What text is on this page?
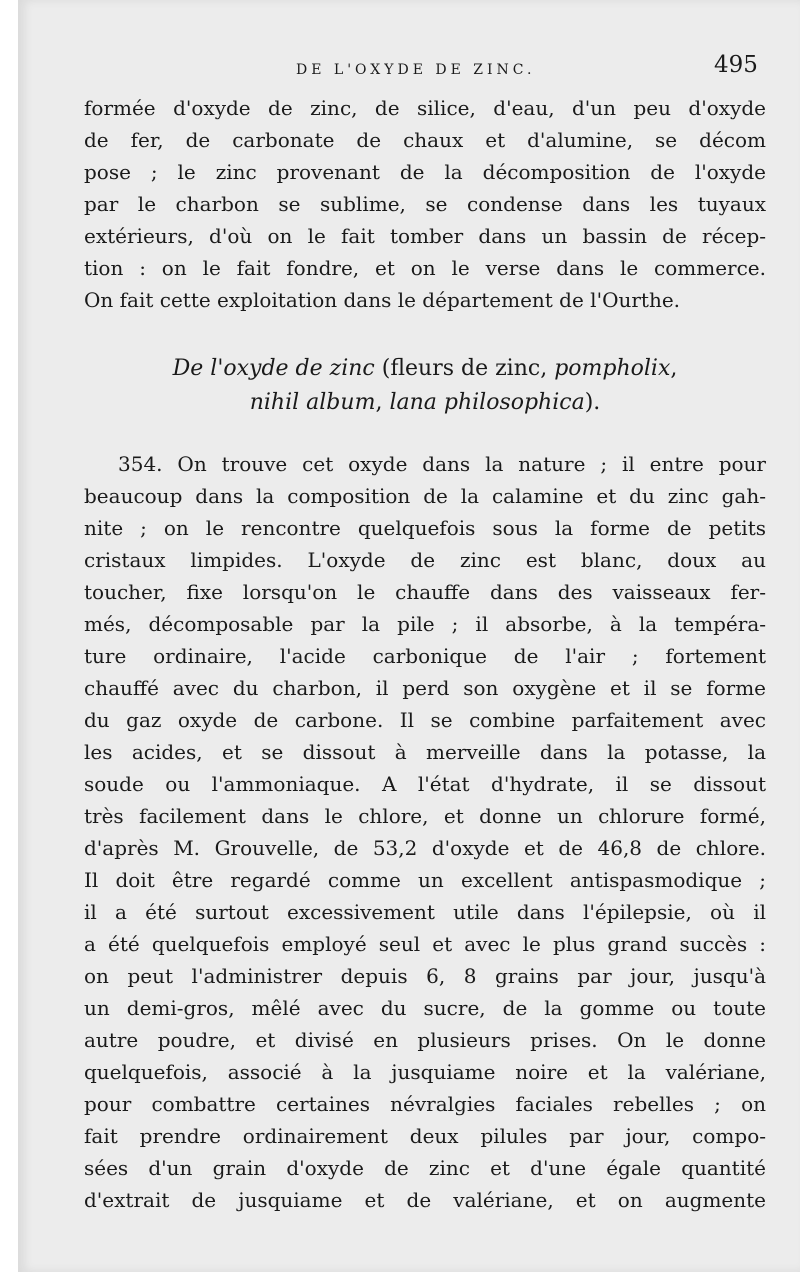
DE L'OXYDE DE ZINC.	495
formée d'oxyde de zinc, de silice, d'eau, d'un peu d'oxyde
de fer, de carbonate de chaux et d'alumine, se décom
pose ; le zinc provenant de la décomposition de l'oxyde
par le charbon se sublime, se condense dans les tuyaux
extérieurs, d'où on le fait tomber dans un bassin de récep-
tion : on le fait fondre, et on le verse dans le commerce.
On fait cette exploitation dans le département de l'Ourthe.
De l'oxyde de zinc (fleurs de zinc, pompholix,
nihil album, lana philosophica).
354. On trouve cet oxyde dans la nature ; il entre pour
beaucoup dans la composition de la calamine et du zinc gah-
nite ; on le rencontre quelquefois sous la forme de petits
cristaux limpides. L'oxyde de zinc est blanc, doux au
toucher, fixe lorsqu'on le chauffe dans des vaisseaux fer-
més, décomposable par la pile ; il absorbe, à la tempéra-
ture ordinaire, l'acide carbonique de l'air ; fortement
chauffé avec du charbon, il perd son oxygène et il se forme
du gaz oxyde de carbone. Il se combine parfaitement avec
les acides, et se dissout à merveille dans la potasse, la
soude ou l'ammoniaque. A l'état d'hydrate, il se dissout
très facilement dans le chlore, et donne un chlorure formé,
d'après M. Grouvelle, de 53,2 d'oxyde et de 46,8 de chlore.
Il doit être regardé comme un excellent antispasmodique ;
il a été surtout excessivement utile dans l'épilepsie, où il
a été quelquefois employé seul et avec le plus grand succès :
on peut l'administrer depuis 6, 8 grains par jour, jusqu'à
un demi-gros, mêlé avec du sucre, de la gomme ou toute
autre poudre, et divisé en plusieurs prises. On le donne
quelquefois, associé à la jusquiame noire et la valériane,
pour combattre certaines névralgies faciales rebelles ; on
fait prendre ordinairement deux pilules par jour, compo-
sées d'un grain d'oxyde de zinc et d'une égale quantité
d'extrait de jusquiame et de valériane, et on augmente
